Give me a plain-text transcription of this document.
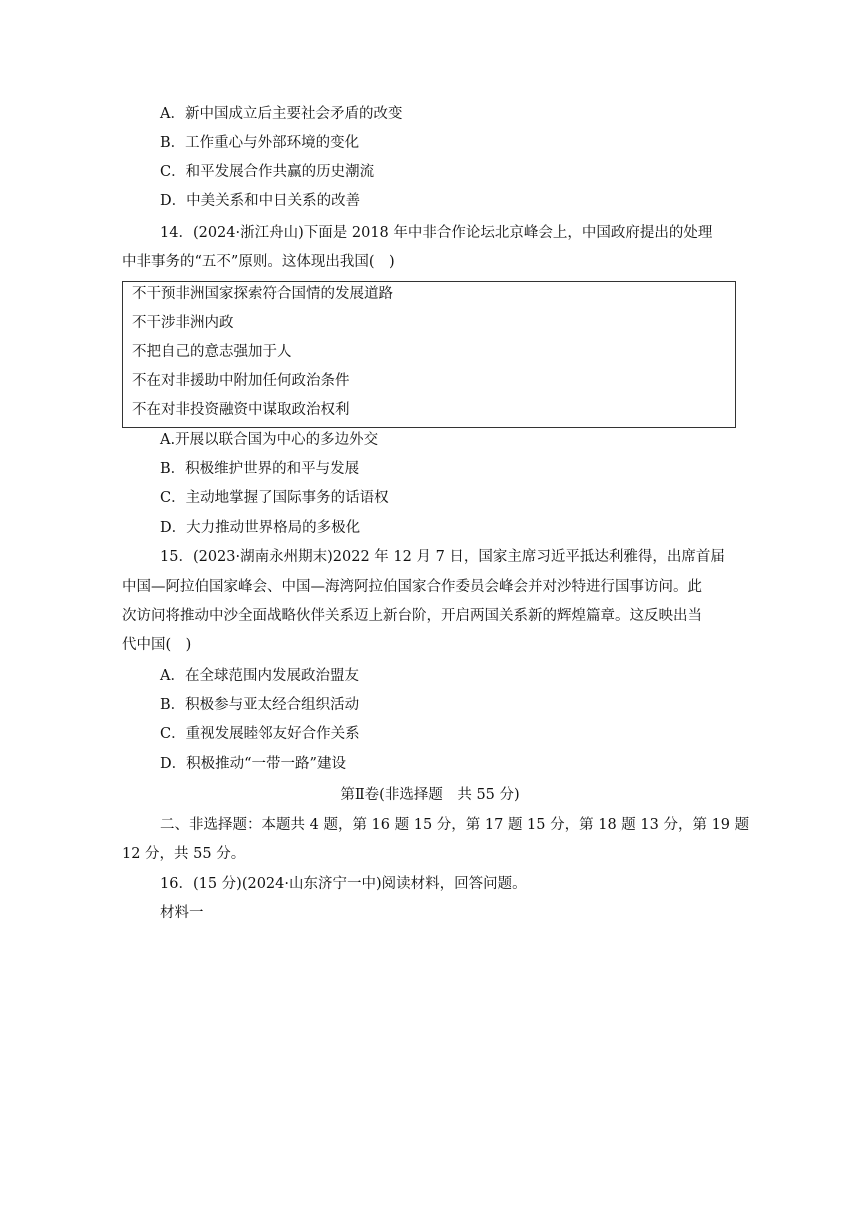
A．新中国成立后主要社会矛盾的改变
B．工作重心与外部环境的变化
C．和平发展合作共赢的历史潮流
D．中美关系和中日关系的改善
14．(2024·浙江舟山)下面是 2018 年中非合作论坛北京峰会上，中国政府提出的处理
中非事务的“五不”原则。这体现出我国(　)
不干预非洲国家探索符合国情的发展道路
不干涉非洲内政
不把自己的意志强加于人
不在对非援助中附加任何政治条件
不在对非投资融资中谋取政治权利
A.开展以联合国为中心的多边外交
B．积极维护世界的和平与发展
C．主动地掌握了国际事务的话语权
D．大力推动世界格局的多极化
15．(2023·湖南永州期末)2022 年 12 月 7 日，国家主席习近平抵达利雅得，出席首届
中国—阿拉伯国家峰会、中国—海湾阿拉伯国家合作委员会峰会并对沙特进行国事访问。此
次访问将推动中沙全面战略伙伴关系迈上新台阶，开启两国关系新的辉煌篇章。这反映出当
代中国(　)
A．在全球范围内发展政治盟友
B．积极参与亚太经合组织活动
C．重视发展睦邻友好合作关系
D．积极推动“一带一路”建设
第Ⅱ卷(非选择题　共 55 分)
二、非选择题：本题共 4 题，第 16 题 15 分，第 17 题 15 分，第 18 题 13 分，第 19 题
12 分，共 55 分。
16．(15 分)(2024·山东济宁一中)阅读材料，回答问题。
材料一
